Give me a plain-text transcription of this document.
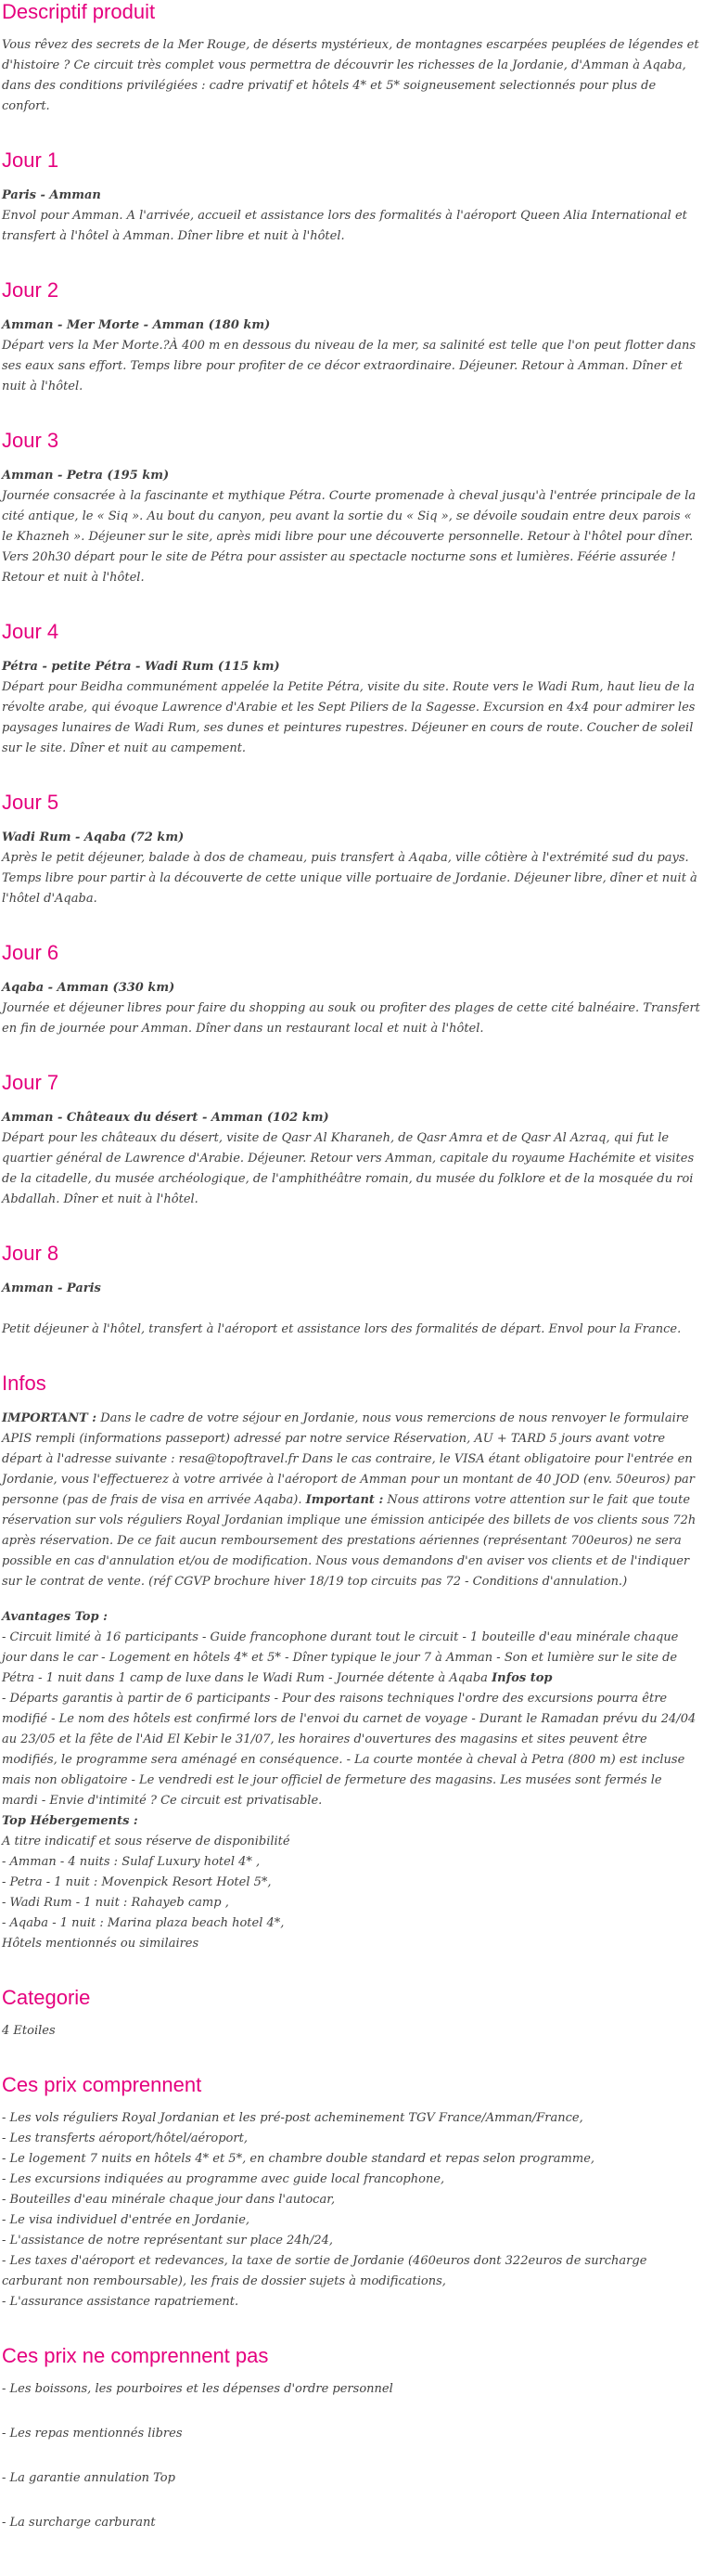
Descriptif produit

Vous rêvez des secrets de la Mer Rouge, de déserts mystérieux, de montagnes escarpées peuplées de légendes et d'histoire ? Ce circuit très complet vous permettra de découvrir les richesses de la Jordanie, d'Amman à Aqaba, dans des conditions privilégiées : cadre privatif et hôtels 4* et 5* soigneusement selectionnés pour plus de confort.

Jour 1

Paris - Amman

Envol pour Amman. A l'arrivée, accueil et assistance lors des formalités à l'aéroport Queen Alia International et transfert à l'hôtel à Amman. Dîner libre et nuit à l'hôtel.

Jour 2

Amman - Mer Morte - Amman (180 km)

Départ vers la Mer Morte.?À 400 m en dessous du niveau de la mer, sa salinité est telle que l'on peut flotter dans ses eaux sans effort. Temps libre pour profiter de ce décor extraordinaire. Déjeuner. Retour à Amman. Dîner et nuit à l'hôtel.

Jour 3

Amman - Petra (195 km)

Journée consacrée à la fascinante et mythique Pétra. Courte promenade à cheval jusqu'à l'entrée principale de la cité antique, le « Siq ». Au bout du canyon, peu avant la sortie du « Siq », se dévoile soudain entre deux parois « le Khazneh ». Déjeuner sur le site, après midi libre pour une découverte personnelle. Retour à l'hôtel pour dîner. Vers 20h30 départ pour le site de Pétra pour assister au spectacle nocturne sons et lumières. Féérie assurée ! Retour et nuit à l'hôtel.

Jour 4

Pétra - petite Pétra - Wadi Rum (115 km)

Départ pour Beidha communément appelée la Petite Pétra, visite du site. Route vers le Wadi Rum, haut lieu de la révolte arabe, qui évoque Lawrence d'Arabie et les Sept Piliers de la Sagesse. Excursion en 4x4 pour admirer les paysages lunaires de Wadi Rum, ses dunes et peintures rupestres. Déjeuner en cours de route. Coucher de soleil sur le site. Dîner et nuit au campement.

Jour 5

Wadi Rum - Aqaba (72 km)

Après le petit déjeuner, balade à dos de chameau, puis transfert à Aqaba, ville côtière à l'extrémité sud du pays. Temps libre pour partir à la découverte de cette unique ville portuaire de Jordanie. Déjeuner libre, dîner et nuit à l'hôtel d'Aqaba.

Jour 6

Aqaba - Amman (330 km)

Journée et déjeuner libres pour faire du shopping au souk ou profiter des plages de cette cité balnéaire. Transfert en fin de journée pour Amman. Dîner dans un restaurant local et nuit à l'hôtel.

Jour 7

Amman - Châteaux du désert - Amman (102 km)

Départ pour les châteaux du désert, visite de Qasr Al Kharaneh, de Qasr Amra et de Qasr Al Azraq, qui fut le quartier général de Lawrence d'Arabie. Déjeuner. Retour vers Amman, capitale du royaume Hachémite et visites de la citadelle, du musée archéologique, de l'amphithéâtre romain, du musée du folklore et de la mosquée du roi Abdallah. Dîner et nuit à l'hôtel.

Jour 8

Amman - Paris

Petit déjeuner à l'hôtel, transfert à l'aéroport et assistance lors des formalités de départ. Envol pour la France.

Infos

IMPORTANT : Dans le cadre de votre séjour en Jordanie, nous vous remercions de nous renvoyer le formulaire APIS rempli (informations passeport) adressé par notre service Réservation, AU + TARD 5 jours avant votre départ à l'adresse suivante : resa@topoftravel.fr Dans le cas contraire, le VISA étant obligatoire pour l'entrée en Jordanie, vous l'effectuerez à votre arrivée à l'aéroport de Amman pour un montant de 40 JOD (env. 50euros) par personne (pas de frais de visa en arrivée Aqaba). Important : Nous attirons votre attention sur le fait que toute réservation sur vols réguliers Royal Jordanian implique une émission anticipée des billets de vos clients sous 72h après réservation. De ce fait aucun remboursement des prestations aériennes (représentant 700euros) ne sera possible en cas d'annulation et/ou de modification. Nous vous demandons d'en aviser vos clients et de l'indiquer sur le contrat de vente. (réf CGVP brochure hiver 18/19 top circuits pas 72 - Conditions d'annulation.)

Avantages Top :
- Circuit limité à 16 participants - Guide francophone durant tout le circuit - 1 bouteille d'eau minérale chaque jour dans le car - Logement en hôtels 4* et 5* - Dîner typique le jour 7 à Amman - Son et lumière sur le site de Pétra - 1 nuit dans 1 camp de luxe dans le Wadi Rum - Journée détente à Aqaba Infos top
- Départs garantis à partir de 6 participants - Pour des raisons techniques l'ordre des excursions pourra être modifié - Le nom des hôtels est confirmé lors de l'envoi du carnet de voyage - Durant le Ramadan prévu du 24/04 au 23/05 et la fête de l'Aid El Kebir le 31/07, les horaires d'ouvertures des magasins et sites peuvent être modifiés, le programme sera aménagé en conséquence. - La courte montée à cheval à Petra (800 m) est incluse mais non obligatoire - Le vendredi est le jour officiel de fermeture des magasins. Les musées sont fermés le mardi - Envie d'intimité ? Ce circuit est privatisable.

Top Hébergements :
A titre indicatif et sous réserve de disponibilité
- Amman - 4 nuits : Sulaf Luxury hotel 4* ,
- Petra - 1 nuit : Movenpick Resort Hotel 5*,
- Wadi Rum - 1 nuit : Rahayeb camp ,
- Aqaba - 1 nuit : Marina plaza beach hotel 4*,
Hôtels mentionnés ou similaires

Categorie

4 Etoiles

Ces prix comprennent

- Les vols réguliers Royal Jordanian et les pré-post acheminement TGV France/Amman/France,

- Les transferts aéroport/hôtel/aéroport,

- Le logement 7 nuits en hôtels 4* et 5*, en chambre double standard et repas selon programme,

- Les excursions indiquées au programme avec guide local francophone,

- Bouteilles d'eau minérale chaque jour dans l'autocar,

- Le visa individuel d'entrée en Jordanie,

- L'assistance de notre représentant sur place 24h/24,

- Les taxes d'aéroport et redevances, la taxe de sortie de Jordanie (460euros dont 322euros de surcharge carburant non remboursable), les frais de dossier sujets à modifications,

- L'assurance assistance rapatriement.

Ces prix ne comprennent pas

- Les boissons, les pourboires et les dépenses d'ordre personnel

- Les repas mentionnés libres

- La garantie annulation Top

- La surcharge carburant
